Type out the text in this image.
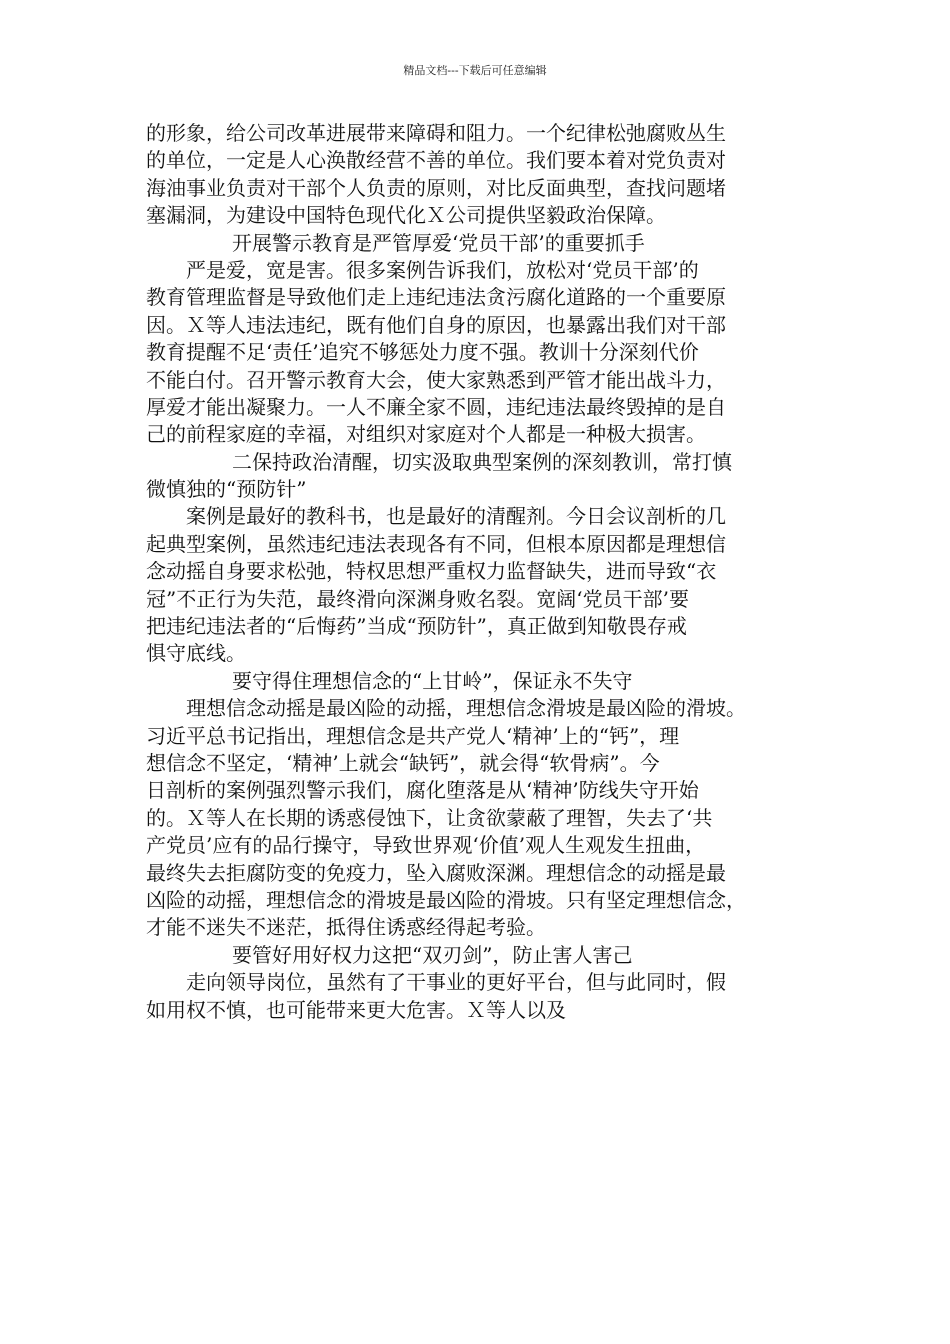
精品文档---下载后可任意编辑
的形象，给公司改革进展带来障碍和阻力。一个纪律松弛腐败丛生
的单位，一定是人心涣散经营不善的单位。我们要本着对党负责对
海油事业负责对干部个人负责的原则，对比反面典型，查找问题堵
塞漏洞，为建设中国特色现代化Ｘ公司提供坚毅政治保障。
开展警示教育是严管厚爱‘党员干部’的重要抓手
严是爱，宽是害。很多案例告诉我们，放松对‘党员干部’的
教育管理监督是导致他们走上违纪违法贪污腐化道路的一个重要原
因。Ｘ等人违法违纪，既有他们自身的原因，也暴露出我们对干部
教育提醒不足‘责任’追究不够惩处力度不强。教训十分深刻代价
不能白付。召开警示教育大会，使大家熟悉到严管才能出战斗力，
厚爱才能出凝聚力。一人不廉全家不圆，违纪违法最终毁掉的是自
己的前程家庭的幸福，对组织对家庭对个人都是一种极大损害。
二保持政治清醒，切实汲取典型案例的深刻教训，常打慎
微慎独的“预防针”
案例是最好的教科书，也是最好的清醒剂。今日会议剖析的几
起典型案例，虽然违纪违法表现各有不同，但根本原因都是理想信
念动摇自身要求松弛，特权思想严重权力监督缺失，进而导致“衣
冠”不正行为失范，最终滑向深渊身败名裂。宽阔‘党员干部’要
把违纪违法者的“后悔药”当成“预防针”，真正做到知敬畏存戒
惧守底线。
要守得住理想信念的“上甘岭”，保证永不失守
理想信念动摇是最凶险的动摇，理想信念滑坡是最凶险的滑坡。
习近平总书记指出，理想信念是共产党人‘精神’上的“钙”，理
想信念不坚定，‘精神’上就会“缺钙”，就会得“软骨病”。今
日剖析的案例强烈警示我们，腐化堕落是从‘精神’防线失守开始
的。Ｘ等人在长期的诱惑侵蚀下，让贪欲蒙蔽了理智，失去了‘共
产党员’应有的品行操守，导致世界观‘价值’观人生观发生扭曲，
最终失去拒腐防变的免疫力，坠入腐败深渊。理想信念的动摇是最
凶险的动摇，理想信念的滑坡是最凶险的滑坡。只有坚定理想信念，
才能不迷失不迷茫，抵得住诱惑经得起考验。
要管好用好权力这把“双刃剑”，防止害人害己
走向领导岗位，虽然有了干事业的更好平台，但与此同时，假
如用权不慎，也可能带来更大危害。Ｘ等人以及
